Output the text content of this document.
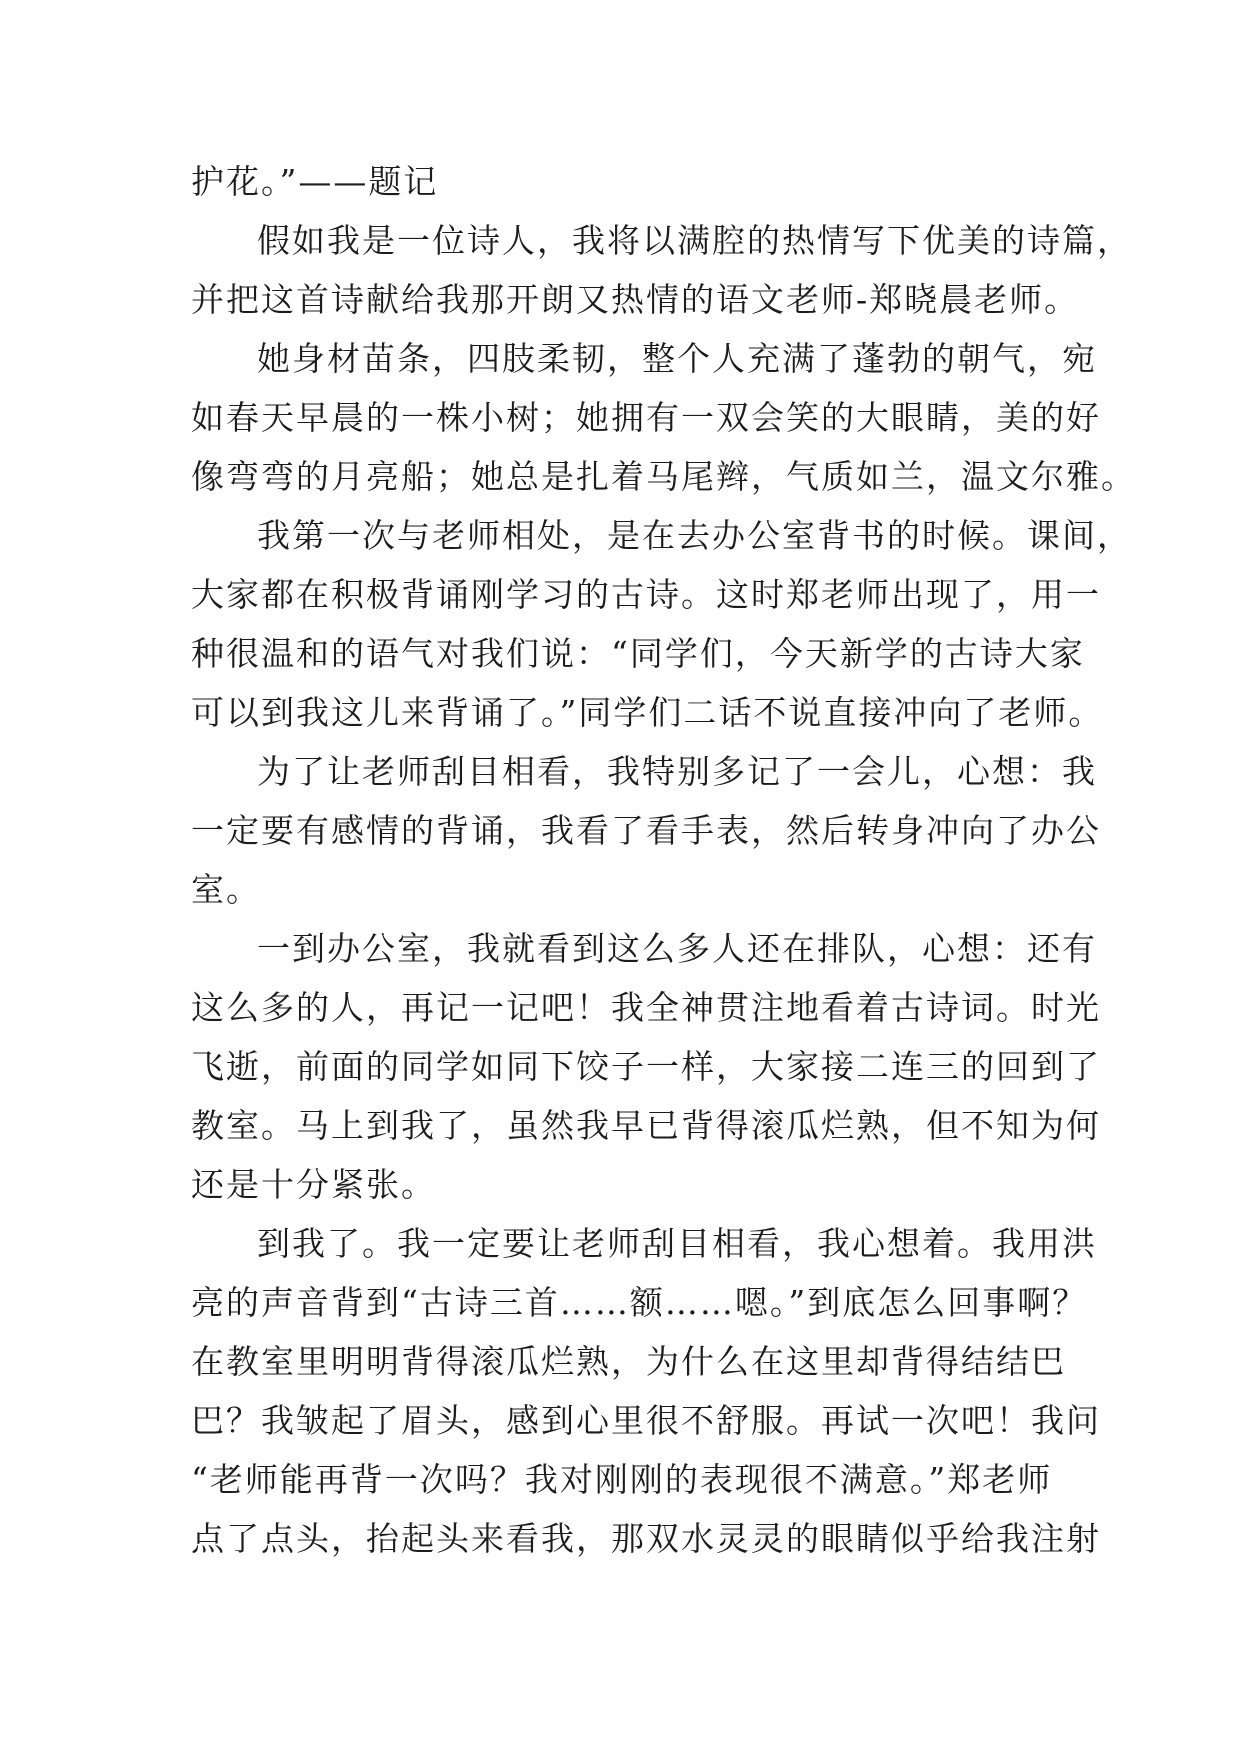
护花。”——题记
假如我是一位诗人，我将以满腔的热情写下优美的诗篇，
并把这首诗献给我那开朗又热情的语文老师-郑晓晨老师。
她身材苗条，四肢柔韧，整个人充满了蓬勃的朝气，宛
如春天早晨的一株小树；她拥有一双会笑的大眼睛，美的好
像弯弯的月亮船；她总是扎着马尾辫，气质如兰，温文尔雅。
我第一次与老师相处，是在去办公室背书的时候。课间，
大家都在积极背诵刚学习的古诗。这时郑老师出现了，用一
种很温和的语气对我们说：“同学们，今天新学的古诗大家
可以到我这儿来背诵了。”同学们二话不说直接冲向了老师。
为了让老师刮目相看，我特别多记了一会儿，心想：我
一定要有感情的背诵，我看了看手表，然后转身冲向了办公
室。
一到办公室，我就看到这么多人还在排队，心想：还有
这么多的人，再记一记吧！我全神贯注地看着古诗词。时光
飞逝，前面的同学如同下饺子一样，大家接二连三的回到了
教室。马上到我了，虽然我早已背得滚瓜烂熟，但不知为何
还是十分紧张。
到我了。我一定要让老师刮目相看，我心想着。我用洪
亮的声音背到“古诗三首……额……嗯。”到底怎么回事啊？
在教室里明明背得滚瓜烂熟，为什么在这里却背得结结巴
巴？我皱起了眉头，感到心里很不舒服。再试一次吧！我问
“老师能再背一次吗？我对刚刚的表现很不满意。”郑老师
点了点头，抬起头来看我，那双水灵灵的眼睛似乎给我注射
